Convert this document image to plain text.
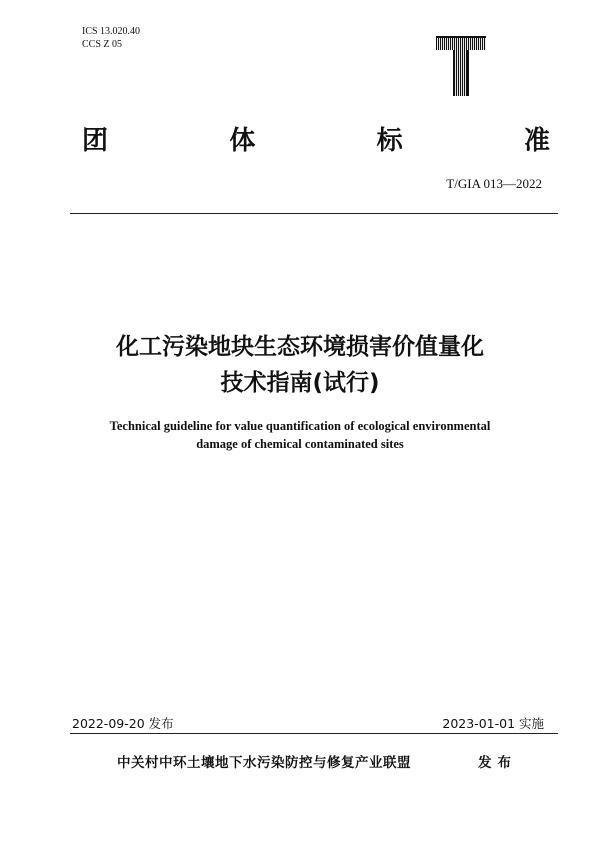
ICS 13.020.40
CCS Z 05
团	体	标	准
T/GIA 013—2022
化工污染地块生态环境损害价值量化
技术指南(试行)
Technical guideline for value quantification of ecological environmental
damage of chemical contaminated sites
2022-09-20 发布	2023-01-01 实施
中关村中环土壤地下水污染防控与修复产业联盟	发布
